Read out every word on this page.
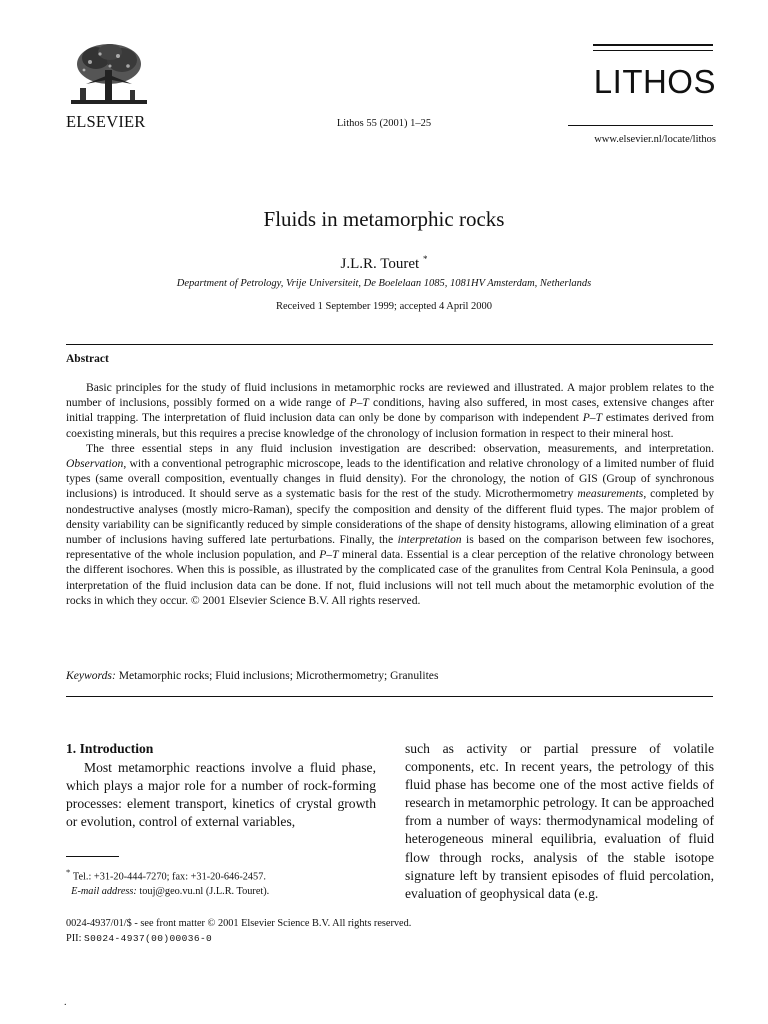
ELSEVIER	Lithos 55 (2001) 1–25
LITHOS
www.elsevier.nl/locate/lithos
Fluids in metamorphic rocks
J.L.R. Touret *
Department of Petrology, Vrije Universiteit, De Boelelaan 1085, 1081HV Amsterdam, Netherlands
Received 1 September 1999; accepted 4 April 2000
Abstract

Basic principles for the study of fluid inclusions in metamorphic rocks are reviewed and illustrated. A major problem relates to the number of inclusions, possibly formed on a wide range of P–T conditions, having also suffered, in most cases, extensive changes after initial trapping. The interpretation of fluid inclusion data can only be done by comparison with independent P–T estimates derived from coexisting minerals, but this requires a precise knowledge of the chronology of inclusion formation in respect to their mineral host.

The three essential steps in any fluid inclusion investigation are described: observation, measurements, and interpretation. Observation, with a conventional petrographic microscope, leads to the identification and relative chronology of a limited number of fluid types (same overall composition, eventually changes in fluid density). For the chronology, the notion of GIS (Group of synchronous inclusions) is introduced. It should serve as a systematic basis for the rest of the study. Microthermometry measurements, completed by nondestructive analyses (mostly micro-Raman), specify the composition and density of the different fluid types. The major problem of density variability can be significantly reduced by simple considerations of the shape of density histograms, allowing elimination of a great number of inclusions having suffered late perturbations. Finally, the interpretation is based on the comparison between few isochores, representative of the whole inclusion population, and P–T mineral data. Essential is a clear perception of the relative chronology between the different isochores. When this is possible, as illustrated by the complicated case of the granulites from Central Kola Peninsula, a good interpretation of the fluid inclusion data can be done. If not, fluid inclusions will not tell much about the metamorphic evolution of the rocks in which they occur. © 2001 Elsevier Science B.V. All rights reserved.

Keywords: Metamorphic rocks; Fluid inclusions; Microthermometry; Granulites
1. Introduction

Most metamorphic reactions involve a fluid phase, which plays a major role for a number of rock-forming processes: element transport, kinetics of crystal growth or evolution, control of external variables,

such as activity or partial pressure of volatile components, etc. In recent years, the petrology of this fluid phase has become one of the most active fields of research in metamorphic petrology. It can be approached from a number of ways: thermodynamical modeling of heterogeneous mineral equilibria, evaluation of fluid flow through rocks, analysis of the stable isotope signature left by transient episodes of fluid percolation, evaluation of geophysical data (e.g.

* Tel.: +31-20-444-7270; fax: +31-20-646-2457.
E-mail address: touj@geo.vu.nl (J.L.R. Touret).
0024-4937/01/$ - see front matter © 2001 Elsevier Science B.V. All rights reserved.
PII: S0024-4937(00)00036-0
.
